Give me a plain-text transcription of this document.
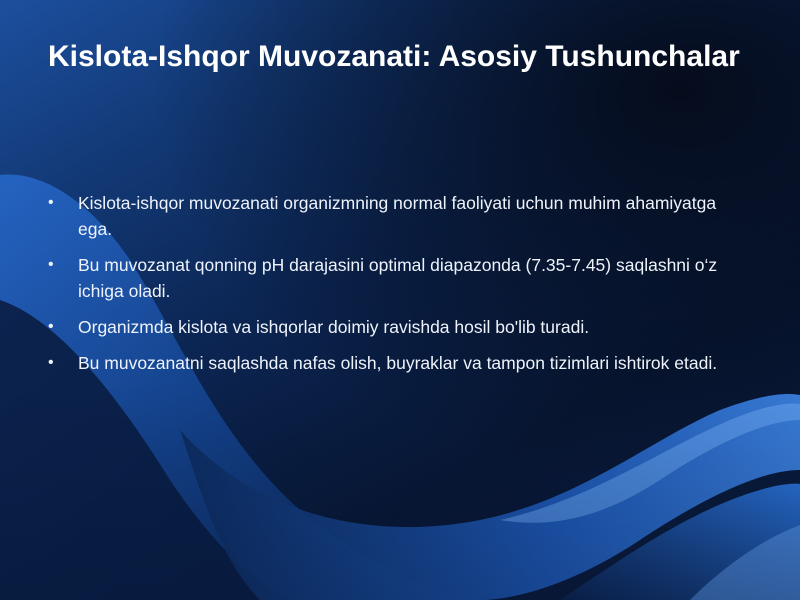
Kislota-Ishqor Muvozanati: Asosiy Tushunchalar
• Kislota-ishqor muvozanati organizmning normal faoliyati uchun muhim ahamiyatga ega.
• Bu muvozanat qonning pH darajasini optimal diapazonda (7.35-7.45) saqlashni o‘z ichiga oladi.
• Organizmda kislota va ishqorlar doimiy ravishda hosil bo'lib turadi.
• Bu muvozanatni saqlashda nafas olish, buyraklar va tampon tizimlari ishtirok etadi.
